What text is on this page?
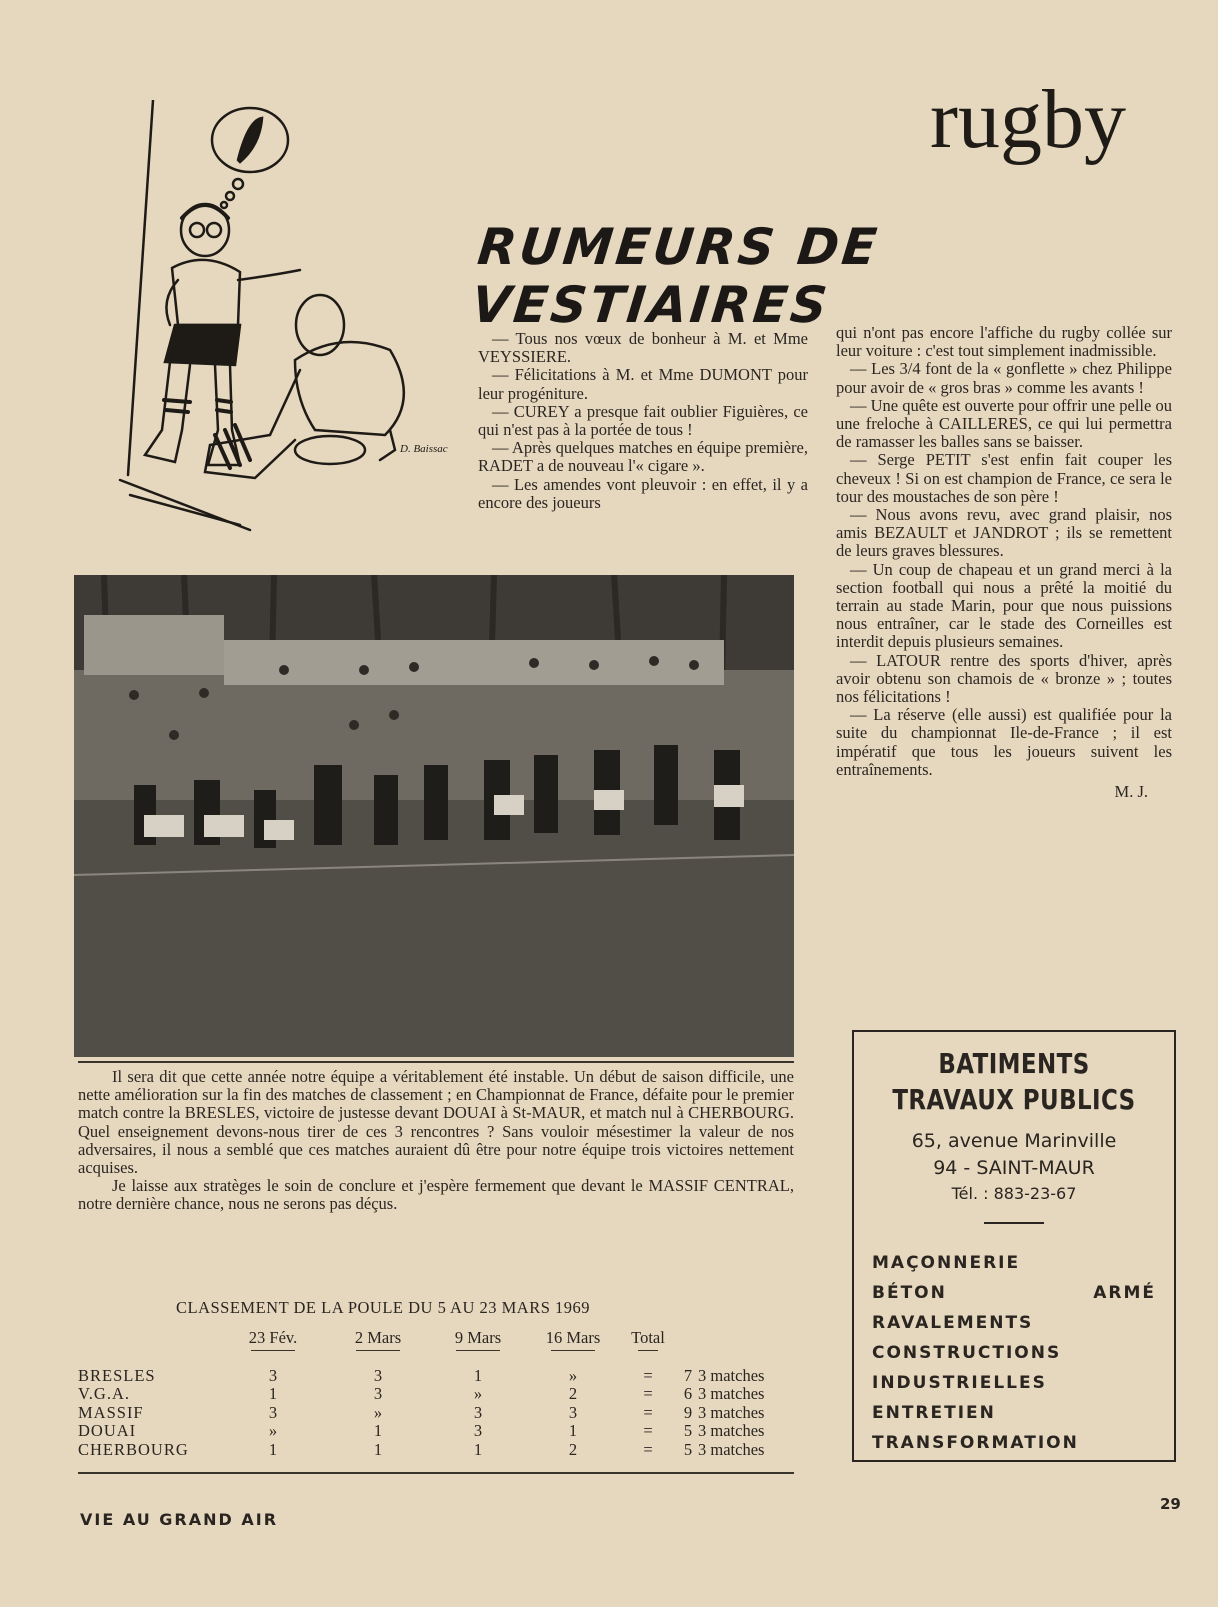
rugby
RUMEURS DE VESTIAIRES
D. Baissac

— Tous nos vœux de bonheur à M. et Mme VEYSSIERE.

— Félicitations à M. et Mme DUMONT pour leur progéniture.

— CUREY a presque fait oublier Figuières, ce qui n'est pas à la portée de tous !

— Après quelques matches en équipe première, RADET a de nouveau l'« cigare ».

— Les amendes vont pleuvoir : en effet, il y a encore des joueurs

qui n'ont pas encore l'affiche du rugby collée sur leur voiture : c'est tout simplement inadmissible.

— Les 3/4 font de la « gonflette » chez Philippe pour avoir de « gros bras » comme les avants !

— Une quête est ouverte pour offrir une pelle ou une freloche à CAILLERES, ce qui lui permettra de ramasser les balles sans se baisser.

— Serge PETIT s'est enfin fait couper les cheveux ! Si on est champion de France, ce sera le tour des moustaches de son père !

— Nous avons revu, avec grand plaisir, nos amis BEZAULT et JANDROT ; ils se remettent de leurs graves blessures.

— Un coup de chapeau et un grand merci à la section football qui nous a prêté la moitié du terrain au stade Marin, pour que nous puissions nous entraîner, car le stade des Corneilles est interdit depuis plusieurs semaines.

— LATOUR rentre des sports d'hiver, après avoir obtenu son chamois de « bronze » ; toutes nos félicitations !

— La réserve (elle aussi) est qualifiée pour la suite du championnat Ile-de-France ; il est impératif que tous les joueurs suivent les entraînements.

M. J.

Il sera dit que cette année notre équipe a véritablement été instable. Un début de saison difficile, une nette amélioration sur la fin des matches de classement ; en Championnat de France, défaite pour le premier match contre la BRESLES, victoire de justesse devant DOUAI à St-MAUR, et match nul à CHERBOURG. Quel enseignement devons-nous tirer de ces 3 rencontres ? Sans vouloir mésestimer la valeur de nos adversaires, il nous a semblé que ces matches auraient dû être pour notre équipe trois victoires nettement acquises.

Je laisse aux stratèges le soin de conclure et j'espère fermement que devant le MASSIF CENTRAL, notre dernière chance, nous ne serons pas déçus.

CLASSEMENT DE LA POULE DU 5 AU 23 MARS 1969
	23 Fév.	2 Mars	9 Mars	16 Mars	Total

BRESLES	3	3	1	»	=	7	3 matches
V.G.A.	1	3	»	2	=	6	3 matches
MASSIF	3	»	3	3	=	9	3 matches
DOUAI	»	1	3	1	=	5	3 matches
CHERBOURG	1	1	1	2	=	5	3 matches
BATIMENTS
TRAVAUX PUBLICS
65, avenue Marinville
94 - SAINT-MAUR
Tél. : 883-23-67
MAÇONNERIE
BÉTON ARMÉ
RAVALEMENTS
CONSTRUCTIONS
INDUSTRIELLES
ENTRETIEN
TRANSFORMATION
VIE AU GRAND AIR
29
